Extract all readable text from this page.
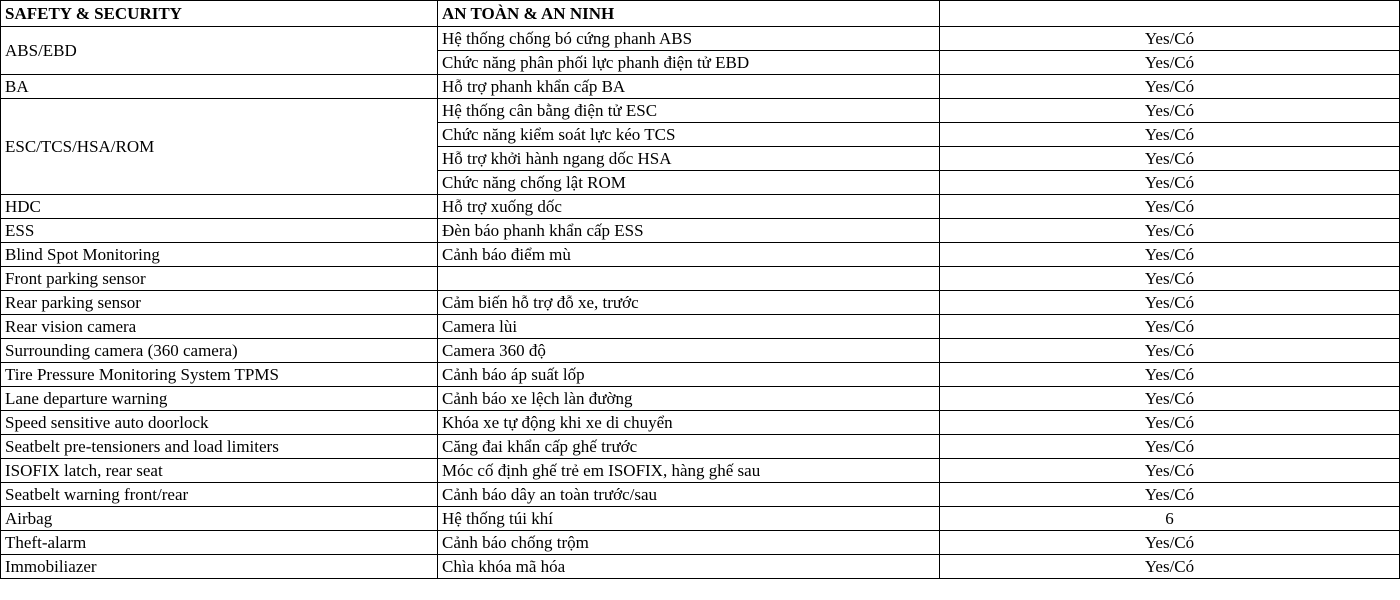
SAFETY & SECURITY	AN TOÀN & AN NINH	
ABS/EBD	Hệ thống chống bó cứng phanh ABS	Yes/Có
	Chức năng phân phối lực phanh điện tử EBD	Yes/Có
BA	Hỗ trợ phanh khẩn cấp BA	Yes/Có
ESC/TCS/HSA/ROM	Hệ thống cân bằng điện tử ESC	Yes/Có
	Chức năng kiểm soát lực kéo TCS	Yes/Có
	Hỗ trợ khởi hành ngang dốc HSA	Yes/Có
	Chức năng chống lật ROM	Yes/Có
HDC	Hỗ trợ xuống dốc	Yes/Có
ESS	Đèn báo phanh khẩn cấp ESS	Yes/Có
Blind Spot Monitoring	Cảnh báo điểm mù	Yes/Có
Front parking sensor		Yes/Có
Rear parking sensor	Cảm biến hỗ trợ đỗ xe, trước	Yes/Có
Rear vision camera	Camera lùi	Yes/Có
Surrounding camera (360 camera)	Camera 360 độ	Yes/Có
Tire Pressure Monitoring System TPMS	Cảnh báo áp suất lốp	Yes/Có
Lane departure warning	Cảnh báo xe lệch làn đường	Yes/Có
Speed sensitive auto doorlock	Khóa xe tự động khi xe di chuyển	Yes/Có
Seatbelt pre-tensioners and load limiters	Căng đai khẩn cấp ghế trước	Yes/Có
ISOFIX latch, rear seat	Móc cố định ghế trẻ em ISOFIX, hàng ghế sau	Yes/Có
Seatbelt warning front/rear	Cảnh báo dây an toàn trước/sau	Yes/Có
Airbag	Hệ thống túi khí	6
Theft-alarm	Cảnh báo chống trộm	Yes/Có
Immobiliazer	Chìa khóa mã hóa	Yes/Có
